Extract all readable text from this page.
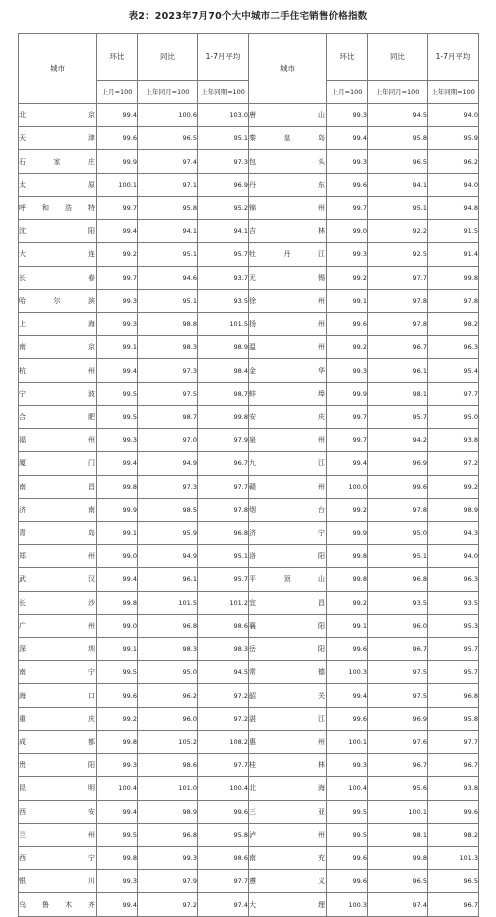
表2：2023年7月70个大中城市二手住宅销售价格指数
城市	环比	同比	1-7月平均	城市	环比	同比	1-7月平均
	上月=100	上年同月=100	上年同期=100		上月=100	上年同月=100	上年同期=100
北京	99.4	100.6	103.0	唐山	99.3	94.5	94.0
天津	99.6	96.5	95.1	秦皇岛	99.4	95.8	95.9
石家庄	99.9	97.4	97.3	包头	99.3	96.5	96.2
太原	100.1	97.1	96.9	丹东	99.6	94.1	94.0
呼和浩特	99.7	95.8	95.2	锦州	99.7	95.1	94.8
沈阳	99.4	94.1	94.1	吉林	99.0	92.2	91.5
大连	99.2	95.1	95.7	牡丹江	99.3	92.5	91.4
长春	99.7	94.6	93.7	无锡	99.2	97.7	99.8
哈尔滨	99.3	95.1	93.5	徐州	99.1	97.8	97.8
上海	99.3	98.8	101.5	扬州	99.6	97.8	98.2
南京	99.1	98.3	98.9	温州	99.2	96.7	96.3
杭州	99.4	97.3	98.4	金华	99.3	96.1	95.4
宁波	99.5	97.5	98.7	蚌埠	99.9	98.1	97.7
合肥	99.5	98.7	99.8	安庆	99.7	95.7	95.0
福州	99.3	97.0	97.9	泉州	99.7	94.2	93.8
厦门	99.4	94.9	96.7	九江	99.4	96.9	97.2
南昌	99.8	97.3	97.7	赣州	100.0	99.6	99.2
济南	99.9	98.5	97.8	烟台	99.2	97.8	98.9
青岛	99.1	95.9	96.8	济宁	99.9	95.0	94.3
郑州	99.0	94.9	95.1	洛阳	99.8	95.1	94.0
武汉	99.4	96.1	95.7	平顶山	99.8	96.8	96.3
长沙	99.8	101.5	101.2	宜昌	99.2	93.5	93.5
广州	99.0	96.8	98.6	襄阳	99.1	96.0	95.3
深圳	99.1	98.3	98.3	岳阳	99.6	96.7	95.7
南宁	99.5	95.0	94.5	常德	100.3	97.5	95.7
海口	99.6	96.2	97.2	韶关	99.4	97.5	96.8
重庆	99.2	96.0	97.2	湛江	99.6	96.9	95.8
成都	99.8	105.2	108.2	惠州	100.1	97.6	97.7
贵阳	99.3	98.6	97.7	桂林	99.3	96.7	96.7
昆明	100.4	101.0	100.4	北海	100.4	95.6	93.8
西安	99.4	98.9	99.6	三亚	99.5	100.1	99.6
兰州	99.5	96.8	95.8	泸州	99.5	98.1	98.2
西宁	99.8	99.3	98.6	南充	99.6	99.8	101.3
银川	99.3	97.9	97.7	遵义	99.6	96.5	96.5
乌鲁木齐	99.4	97.2	97.4	大理	100.3	97.4	96.7
